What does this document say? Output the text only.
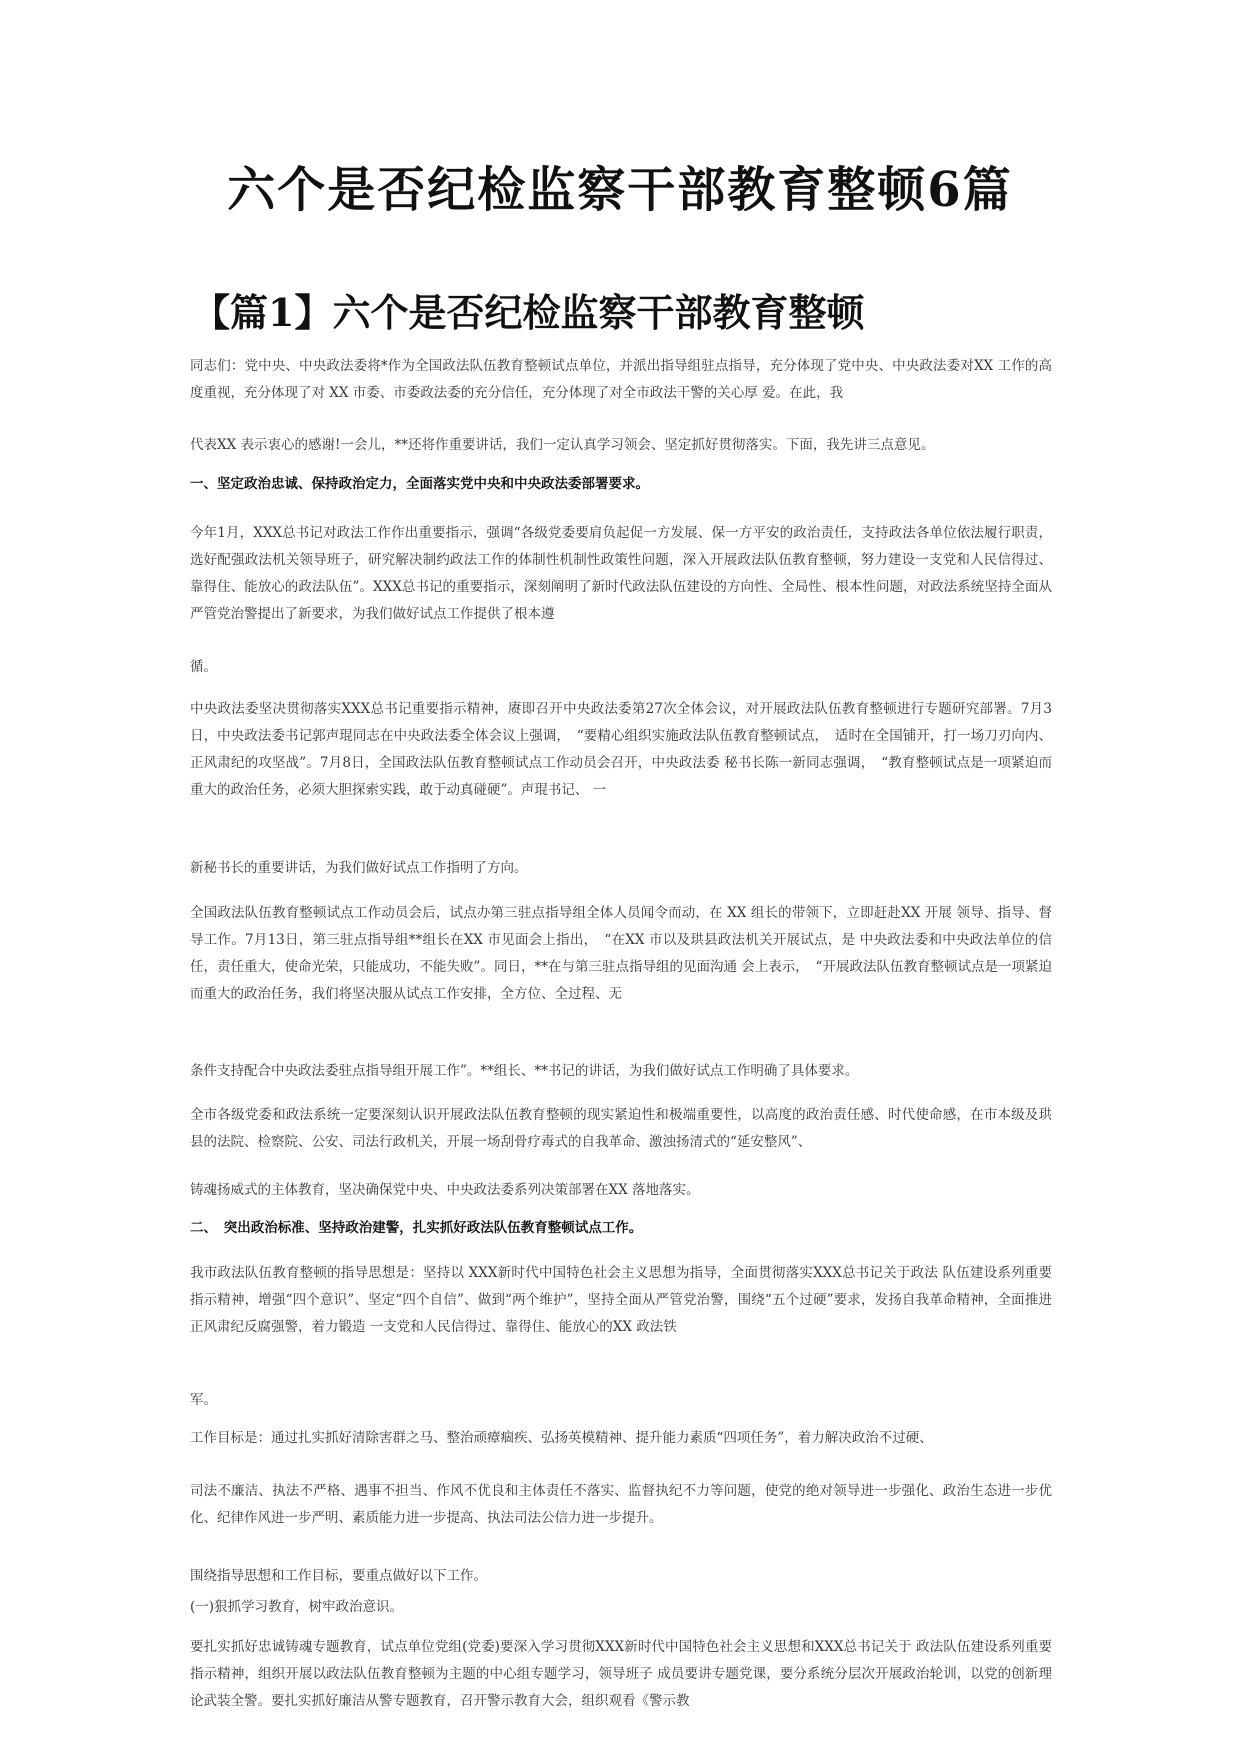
六个是否纪检监察干部教育整顿6篇
【篇1】六个是否纪检监察干部教育整顿

同志们：党中央、中央政法委将*作为全国政法队伍教育整顿试点单位，并派出指导组驻点指导，充分体现了党中央、中央政法委对XX 工作的高度重视，充分体现了对 XX 市委、市委政法委的充分信任，充分体现了对全市政法干警的关心厚 爱。在此，我

代表XX 表示衷心的感谢!一会儿，**还将作重要讲话，我们一定认真学习领会、坚定抓好贯彻落实。下面，我先讲三点意见。

一、坚定政治忠诚、保持政治定力，全面落实党中央和中央政法委部署要求。

今年1月，XXX总书记对政法工作作出重要指示，强调“各级党委要肩负起促一方发展、保一方平安的政治责任，支持政法各单位依法履行职责，选好配强政法机关领导班子，研究解决制约政法工作的体制性机制性政策性问题，深入开展政法队伍教育整顿，努力建设一支党和人民信得过、靠得住、能放心的政法队伍”。XXX总书记的重要指示，深刻阐明了新时代政法队伍建设的方向性、全局性、根本性问题，对政法系统坚持全面从严管党治警提出了新要求，为我们做好试点工作提供了根本遵

循。

中央政法委坚决贯彻落实XXX总书记重要指示精神，赓即召开中央政法委第27次全体会议，对开展政法队伍教育整顿进行专题研究部署。7月3日，中央政法委书记郭声琨同志在中央政法委全体会议上强调，　“要精心组织实施政法队伍教育整顿试点，　适时在全国铺开，打一场刀刃向内、正风肃纪的攻坚战”。7月8日，全国政法队伍教育整顿试点工作动员会召开，中央政法委 秘书长陈一新同志强调，　“教育整顿试点是一项紧迫而重大的政治任务，必须大胆探索实践，敢于动真碰硬”。声琨书记、 一

新秘书长的重要讲话，为我们做好试点工作指明了方向。

全国政法队伍教育整顿试点工作动员会后，试点办第三驻点指导组全体人员闻令而动，在 XX 组长的带领下，立即赶赴XX 开展 领导、指导、督导工作。7月13日，第三驻点指导组**组长在XX 市见面会上指出，　“在XX 市以及珙县政法机关开展试点，是 中央政法委和中央政法单位的信任，责任重大，使命光荣，只能成功，不能失败”。同日，**在与第三驻点指导组的见面沟通 会上表示，　“开展政法队伍教育整顿试点是一项紧迫而重大的政治任务，我们将坚决服从试点工作安排，全方位、全过程、无

条件支持配合中央政法委驻点指导组开展工作”。**组长、**书记的讲话，为我们做好试点工作明确了具体要求。

全市各级党委和政法系统一定要深刻认识开展政法队伍教育整顿的现实紧迫性和极端重要性，以高度的政治责任感、时代使命感，在市本级及珙县的法院、检察院、公安、司法行政机关，开展一场刮骨疗毒式的自我革命、激浊扬清式的“延安整风”、

铸魂扬威式的主体教育，坚决确保党中央、中央政法委系列决策部署在XX 落地落实。

二、　突出政治标准、坚持政治建警，扎实抓好政法队伍教育整顿试点工作。

我市政法队伍教育整顿的指导思想是：坚持以 XXX新时代中国特色社会主义思想为指导，全面贯彻落实XXX总书记关于政法 队伍建设系列重要指示精神，增强“四个意识”、坚定“四个自信”、做到“两个维护”，坚持全面从严管党治警，围绕“五个过硬”要求，发扬自我革命精神，全面推进正风肃纪反腐强警，着力锻造 一支党和人民信得过、靠得住、能放心的XX 政法铁

军。

工作目标是：通过扎实抓好清除害群之马、整治顽瘴痼疾、弘扬英模精神、提升能力素质“四项任务”，着力解决政治不过硬、

司法不廉洁、执法不严格、遇事不担当、作风不优良和主体责任不落实、监督执纪不力等问题，使党的绝对领导进一步强化、政治生态进一步优化、纪律作风进一步严明、素质能力进一步提高、执法司法公信力进一步提升。

围绕指导思想和工作目标，要重点做好以下工作。

(一)狠抓学习教育，树牢政治意识。

要扎实抓好忠诚铸魂专题教育，试点单位党组(党委)要深入学习贯彻XXX新时代中国特色社会主义思想和XXX总书记关于 政法队伍建设系列重要指示精神，组织开展以政法队伍教育整顿为主题的中心组专题学习，领导班子 成员要讲专题党课，要分系统分层次开展政治轮训，以党的创新理论武装全警。要扎实抓好廉洁从警专题教育，召开警示教育大会，组织观看《警示教
